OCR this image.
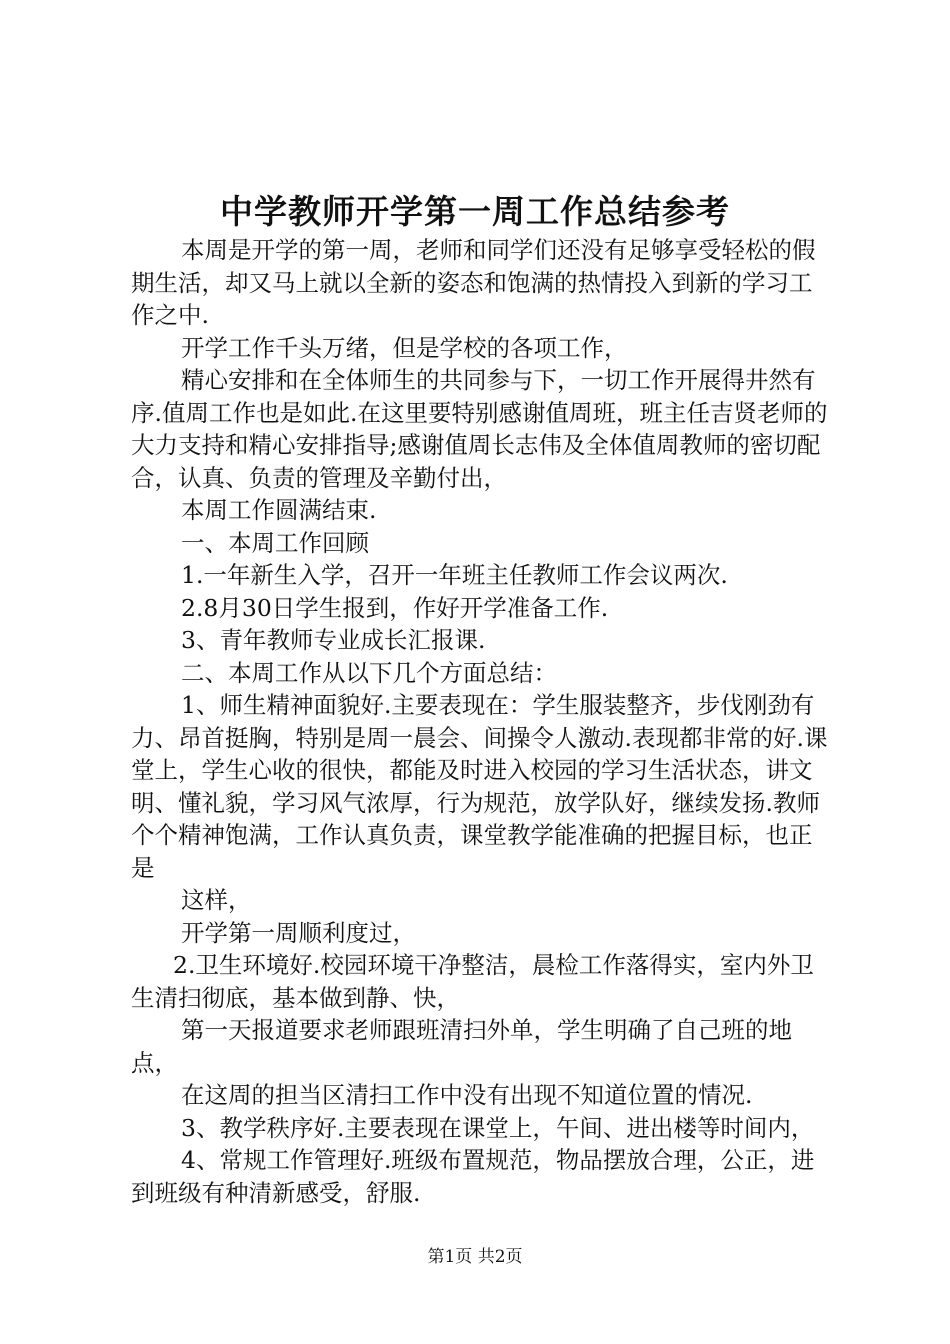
中学教师开学第一周工作总结参考

本周是开学的第一周，老师和同学们还没有足够享受轻松的假期生活，却又马上就以全新的姿态和饱满的热情投入到新的学习工作之中.

开学工作千头万绪，但是学校的各项工作，

精心安排和在全体师生的共同参与下，一切工作开展得井然有序.值周工作也是如此.在这里要特别感谢值周班，班主任吉贤老师的大力支持和精心安排指导;感谢值周长志伟及全体值周教师的密切配合，认真、负责的管理及辛勤付出，

本周工作圆满结束.

一、本周工作回顾

1.一年新生入学，召开一年班主任教师工作会议两次.

2.8月30日学生报到，作好开学准备工作.

3、青年教师专业成长汇报课.

二、本周工作从以下几个方面总结：

1、师生精神面貌好.主要表现在：学生服装整齐，步伐刚劲有力、昂首挺胸，特别是周一晨会、间操令人激动.表现都非常的好.课堂上，学生心收的很快，都能及时进入校园的学习生活状态，讲文明、懂礼貌，学习风气浓厚，行为规范，放学队好，继续发扬.教师个个精神饱满，工作认真负责，课堂教学能准确的把握目标，也正是

这样，

开学第一周顺利度过，

2.卫生环境好.校园环境干净整洁，晨检工作落得实，室内外卫生清扫彻底，基本做到静、快，

第一天报道要求老师跟班清扫外单，学生明确了自己班的地点，

在这周的担当区清扫工作中没有出现不知道位置的情况.

3、教学秩序好.主要表现在课堂上，午间、进出楼等时间内，

4、常规工作管理好.班级布置规范，物品摆放合理，公正，进到班级有种清新感受，舒服.

第1页 共2页
